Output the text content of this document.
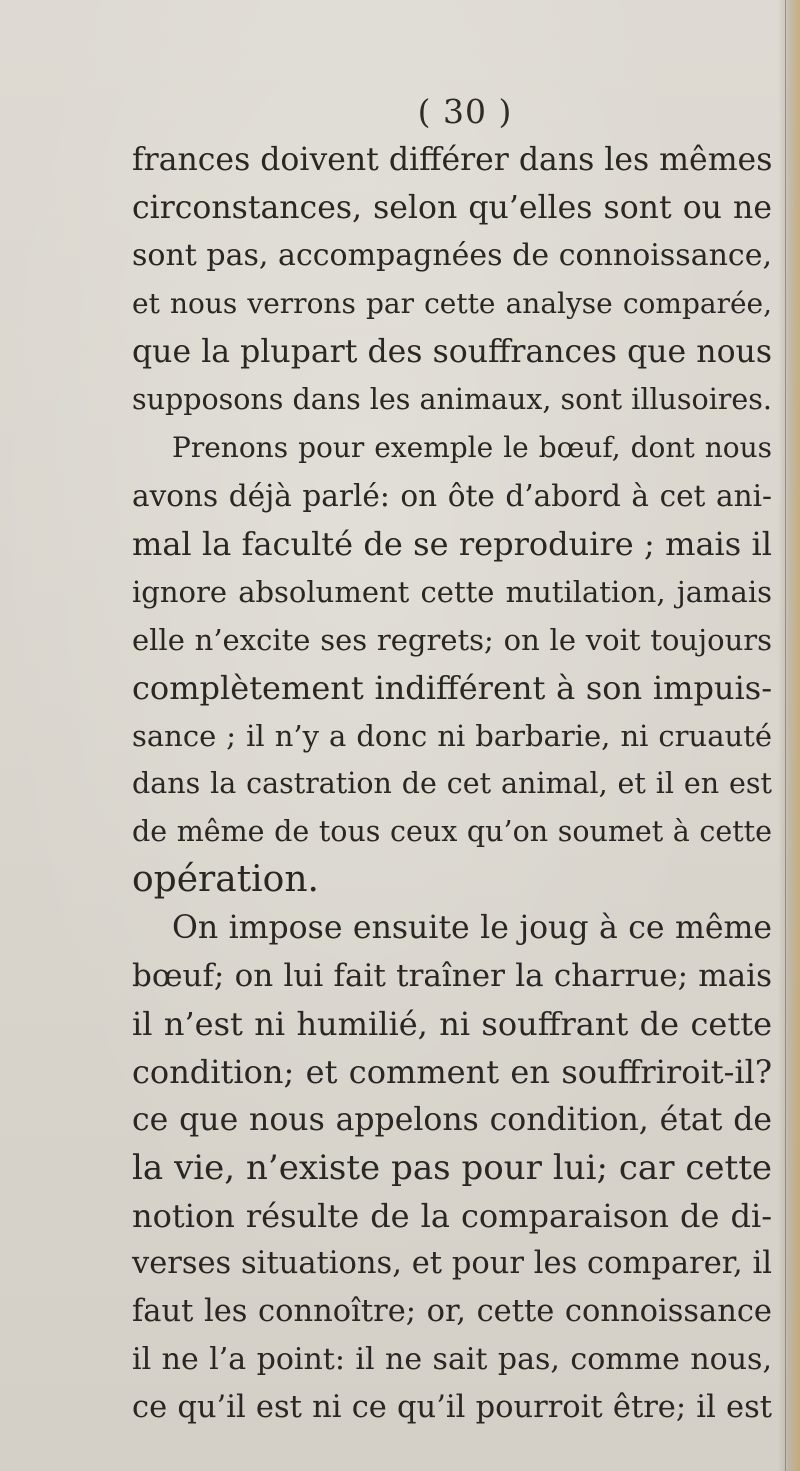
( 30 )
frances doivent différer dans les mêmes
circonstances, selon qu’elles sont ou ne
sont pas, accompagnées de connoissance,
et nous verrons par cette analyse comparée,
que la plupart des souffrances que nous
supposons dans les animaux, sont illusoires.
Prenons pour exemple le bœuf, dont nous
avons déjà parlé: on ôte d’abord à cet ani-
mal la faculté de se reproduire ; mais il
ignore absolument cette mutilation, jamais
elle n’excite ses regrets; on le voit toujours
complètement indifférent à son impuis-
sance ; il n’y a donc ni barbarie, ni cruauté
dans la castration de cet animal, et il en est
de même de tous ceux qu’on soumet à cette
opération.
On impose ensuite le joug à ce même
bœuf; on lui fait traîner la charrue; mais
il n’est ni humilié, ni souffrant de cette
condition; et comment en souffriroit-il?
ce que nous appelons condition, état de
la vie, n’existe pas pour lui; car cette
notion résulte de la comparaison de di-
verses situations, et pour les comparer, il
faut les connoître; or, cette connoissance
il ne l’a point: il ne sait pas, comme nous,
ce qu’il est ni ce qu’il pourroit être; il est
